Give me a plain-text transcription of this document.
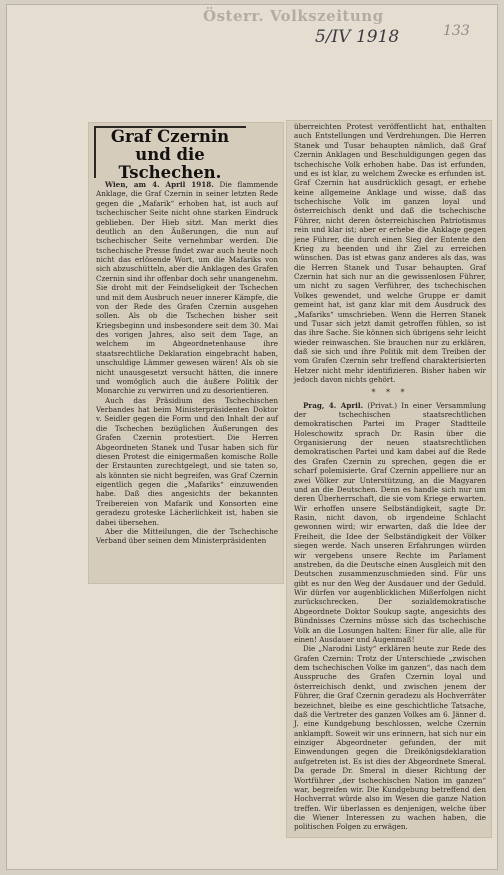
Österr. Volkszeitung
5/IV 1918	133
Graf Czernin und die Tschechen.

Wien, am 4. April 1918. Die flammende Anklage, die Graf Czernin in seiner letzten Rede gegen die „Mafarik“ erhoben hat, ist auch auf tschechischer Seite nicht ohne starken Eindruck geblieben. Der Hieb sitzt. Man merkt dies deutlich an den Äußerungen, die nun auf tschechischer Seite vernehmbar werden. Die tschechische Presse findet zwar auch heute noch nicht das erlösende Wort, um die Mafariks von sich abzuschütteln, aber die Anklagen des Grafen Czernin sind ihr offenbar doch sehr unangenehm. Sie droht mit der Feindseligkeit der Tschechen und mit dem Ausbruch neuer innerer Kämpfe, die von der Rede des Grafen Czernin ausgehen sollen. Als ob die Tschechen bisher seit Kriegsbeginn und insbesondere seit dem 30. Mai des vorigen Jahres, also seit dem Tage, an welchem im Abgeordnetenhause ihre staatsrechtliche Deklaration eingebracht haben, unschuldige Lämmer gewesen wären! Als ob sie nicht unausgesetzt versucht hätten, die innere und womöglich auch die äußere Politik der Monarchie zu verwirren und zu desorientieren.

Auch das Präsidium des Tschechischen Verbandes hat beim Ministerpräsidenten Doktor v. Seidler gegen die Form und den Inhalt der auf die Tschechen bezüglichen Äußerungen des Grafen Czernin protestiert. Die Herren Abgeordneten Stanek und Tusar haben sich für diesen Protest die einigermaßen komische Rolle der Erstaunten zurechtgelegt, und sie taten so, als könnten sie nicht begreifen, was Graf Czernin eigentlich gegen die „Mafariks“ einzuwenden habe. Daß dies angesichts der bekannten Treibereien von Mafarik und Konsorten eine geradezu groteske Lächerlichkeit ist, haben sie dabei übersehen.

Aber die Mitteilungen, die der Tschechische Verband über seinen dem Ministerpräsidenten

überreichten Protest veröffentlicht hat, enthalten auch Entstellungen und Verdrehungen. Die Herren Stanek und Tusar behaupten nämlich, daß Graf Czernin Anklagen und Beschuldigungen gegen das tschechische Volk erhoben habe. Das ist erfunden, und es ist klar, zu welchem Zwecke es erfunden ist. Graf Czernin hat ausdrücklich gesagt, er erhebe keine allgemeine Anklage und wisse, daß das tschechische Volk im ganzen loyal und österreichisch denkt und daß die tschechische Führer, nicht deren österreichischen Patriotismus rein und klar ist; aber er erhebe die Anklage gegen jene Führer, die durch einen Sieg der Entente den Krieg zu beenden und ihr Ziel zu erreichen wünschen. Das ist etwas ganz anderes als das, was die Herren Stanek und Tusar behaupten. Graf Czernin hat sich nur an die gewissenlosen Führer, um nicht zu sagen Verführer, des tschechischen Volkes gewendet, und welche Gruppe er damit gemeint hat, ist ganz klar mit dem Ausdruck des „Mafariks“ umschrieben. Wenn die Herren Stanek und Tusar sich jetzt damit getroffen fühlen, so ist das ihre Sache. Sie können sich übrigens sehr leicht wieder reinwaschen. Sie brauchen nur zu erklären, daß sie sich und ihre Politik mit dem Treiben der vom Grafen Czernin sehr treffend charakterisierten Hetzer nicht mehr identifizieren. Bisher haben wir jedoch davon nichts gehört.

* * *

Prag, 4. April. (Privat.) In einer Versammlung der tschechischen staatsrechtlichen demokratischen Partei im Prager Stadtteile Holeschowitz sprach Dr. Rasin über die Organisierung der neuen staatsrechtlichen demokratischen Partei und kam dabei auf die Rede des Grafen Czernin zu sprechen, gegen die er scharf polemisierte. Graf Czernin appelliere nur an zwei Völker zur Unterstützung, an die Magyaren und an die Deutschen. Denn es handle sich nur um deren Überherrschaft, die sie vom Kriege erwarten. Wir erhoffen unsere Selbständigkeit, sagte Dr. Rasin, nicht davon, ob irgendeine Schlacht gewonnen wird; wir erwarten, daß die Idee der Freiheit, die Idee der Selbständigkeit der Völker siegen werde. Nach unseren Erfahrungen würden wir vergebens unsere Rechte im Parlament anstreben, da die Deutsche einen Ausgleich mit den Deutschen zusammenzuschmieden sind. Für uns gibt es nur den Weg der Ausdauer und der Geduld. Wir dürfen vor augenblicklichen Mißerfolgen nicht zurückschrecken. Der sozialdemokratische Abgeordnete Doktor Soukup sagte, angesichts des Bündnisses Czernins müsse sich das tschechische Volk an die Losungen halten: Einer für alle, alle für einen! Ausdauer und Augenmaß!

Die „Narodni Listy“ erklären heute zur Rede des Grafen Czernin: Trotz der Unterschiede „zwischen dem tschechischen Volke im ganzen“, das nach dem Ausspruche des Grafen Czernin loyal und österreichisch denkt, und zwischen jenem der Führer, die Graf Czernin geradezu als Hochverräter bezeichnet, bleibe es eine geschichtliche Tatsache, daß die Vertreter des ganzen Volkes am 6. Jänner d. J. eine Kundgebung beschlossen, welche Czernin anklampft. Soweit wir uns erinnern, hat sich nur ein einziger Abgeordneter gefunden, der mit Einwendungen gegen die Dreikönigsdeklaration aufgetreten ist. Es ist dies der Abgeordnete Smeral. Da gerade Dr. Smeral in dieser Richtung der Wortführer „der tschechischen Nation im ganzen“ war, begreifen wir. Die Kundgebung betreffend den Hochverrat würde also im Wesen die ganze Nation treffen. Wir überlassen es denjenigen, welche über die Wiener Interessen zu wachen haben, die politischen Folgen zu erwägen.
